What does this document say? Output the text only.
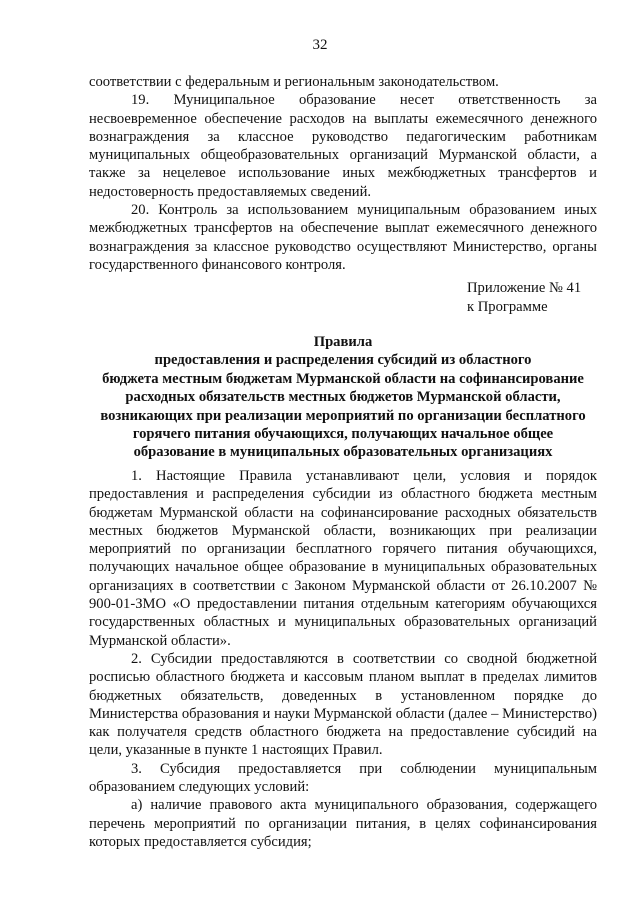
32

соответствии с федеральным и региональным законодательством.

19. Муниципальное образование несет ответственность за несвоевременное обеспечение расходов на выплаты ежемесячного денежного вознаграждения за классное руководство педагогическим работникам муниципальных общеобразовательных организаций Мурманской области, а также за нецелевое использование иных межбюджетных трансфертов и недостоверность предоставляемых сведений.

20. Контроль за использованием муниципальным образованием иных межбюджетных трансфертов на обеспечение выплат ежемесячного денежного вознаграждения за классное руководство осуществляют Министерство, органы государственного финансового контроля.

Приложение № 41
к Программе
Правила
предоставления и распределения субсидий из областного
бюджета местным бюджетам Мурманской области на софинансирование
расходных обязательств местных бюджетов Мурманской области,
возникающих при реализации мероприятий по организации бесплатного
горячего питания обучающихся, получающих начальное общее
образование в муниципальных образовательных организациях

1. Настоящие Правила устанавливают цели, условия и порядок предоставления и распределения субсидии из областного бюджета местным бюджетам Мурманской области на софинансирование расходных обязательств местных бюджетов Мурманской области, возникающих при реализации мероприятий по организации бесплатного горячего питания обучающихся, получающих начальное общее образование в муниципальных образовательных организациях в соответствии с Законом Мурманской области от 26.10.2007 № 900-01-ЗМО «О предоставлении питания отдельным категориям обучающихся государственных областных и муниципальных образовательных организаций Мурманской области».

2. Субсидии предоставляются в соответствии со сводной бюджетной росписью областного бюджета и кассовым планом выплат в пределах лимитов бюджетных обязательств, доведенных в установленном порядке до Министерства образования и науки Мурманской области (далее – Министерство) как получателя средств областного бюджета на предоставление субсидий на цели, указанные в пункте 1 настоящих Правил.

3. Субсидия предоставляется при соблюдении муниципальным образованием следующих условий:

а) наличие правового акта муниципального образования, содержащего перечень мероприятий по организации питания, в целях софинансирования которых предоставляется субсидия;
